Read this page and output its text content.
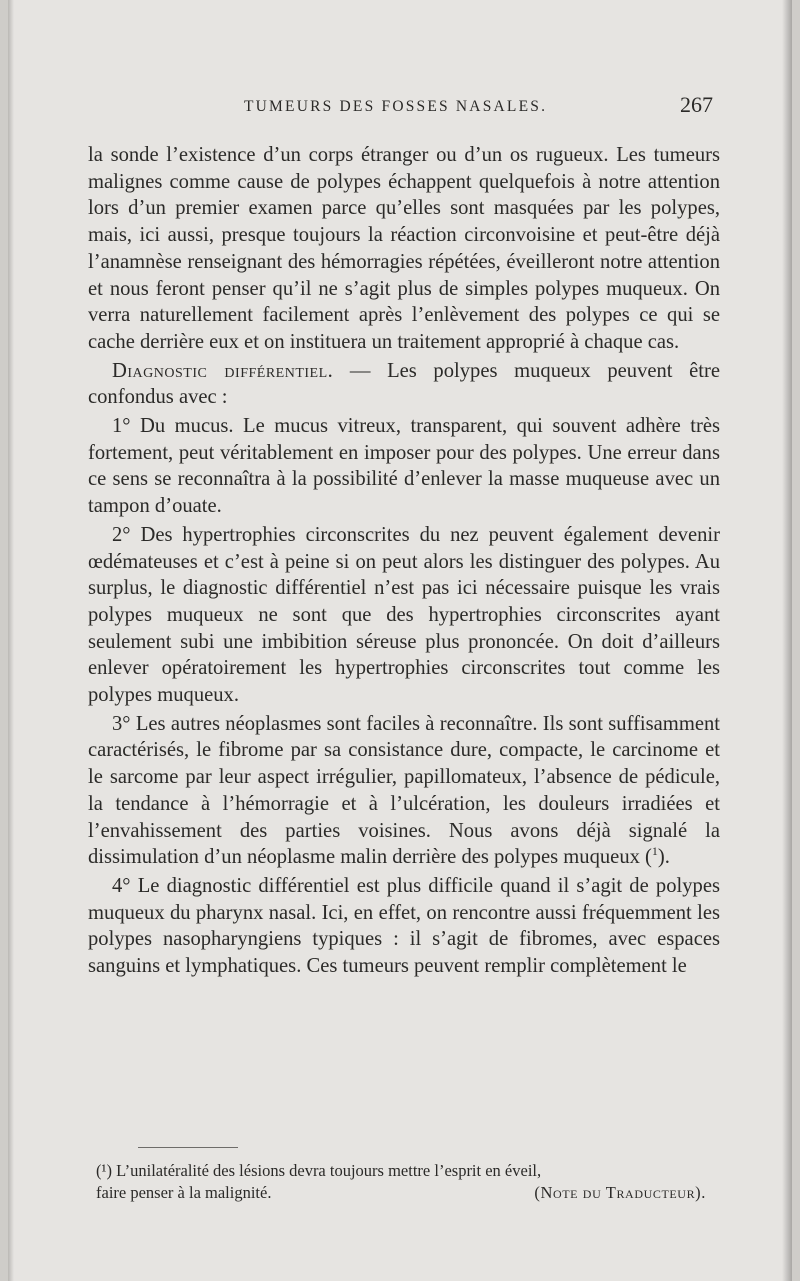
TUMEURS DES FOSSES NASALES.	267

la sonde l’existence d’un corps étranger ou d’un os rugueux. Les tumeurs malignes comme cause de polypes échappent quelquefois à notre attention lors d’un premier examen parce qu’elles sont masquées par les polypes, mais, ici aussi, presque toujours la réaction circonvoisine et peut-être déjà l’anamnèse renseignant des hémorragies répétées, éveilleront notre attention et nous feront penser qu’il ne s’agit plus de simples polypes muqueux. On verra naturellement facilement après l’enlèvement des polypes ce qui se cache derrière eux et on instituera un traitement approprié à chaque cas.

Diagnostic différentiel. — Les polypes muqueux peuvent être confondus avec :

1° Du mucus. Le mucus vitreux, transparent, qui souvent adhère très fortement, peut véritablement en imposer pour des polypes. Une erreur dans ce sens se reconnaîtra à la possibilité d’enlever la masse muqueuse avec un tampon d’ouate.

2° Des hypertrophies circonscrites du nez peuvent également devenir œdémateuses et c’est à peine si on peut alors les distinguer des polypes. Au surplus, le diagnostic différentiel n’est pas ici nécessaire puisque les vrais polypes muqueux ne sont que des hypertrophies circonscrites ayant seulement subi une imbibition séreuse plus prononcée. On doit d’ailleurs enlever opératoirement les hypertrophies circonscrites tout comme les polypes muqueux.

3° Les autres néoplasmes sont faciles à reconnaître. Ils sont suffisamment caractérisés, le fibrome par sa consistance dure, compacte, le carcinome et le sarcome par leur aspect irrégulier, papillomateux, l’absence de pédicule, la tendance à l’hémorragie et à l’ulcération, les douleurs irradiées et l’envahissement des parties voisines. Nous avons déjà signalé la dissimulation d’un néoplasme malin derrière des polypes muqueux ($^1$).

4° Le diagnostic différentiel est plus difficile quand il s’agit de polypes muqueux du pharynx nasal. Ici, en effet, on rencontre aussi fréquemment les polypes nasopharyngiens typiques : il s’agit de fibromes, avec espaces sanguins et lymphatiques. Ces tumeurs peuvent remplir complètement le

(¹) L’unilatéralité des lésions devra toujours mettre l’esprit en éveil,
faire penser à la malignité.	(Note du Traducteur).
